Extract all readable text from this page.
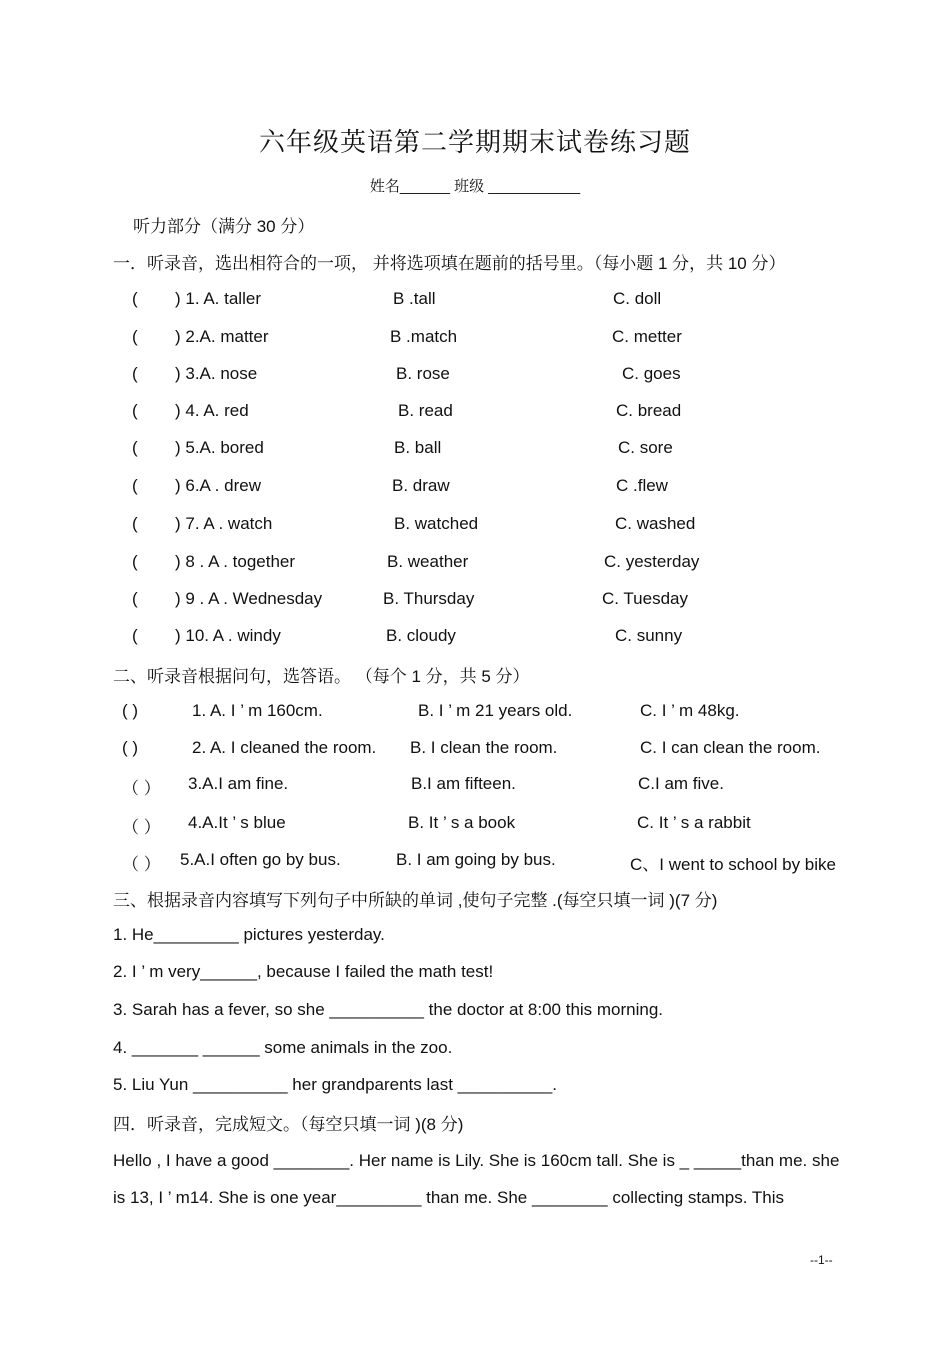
六年级英语第二学期期末试卷练习题
姓名______ 班级 ___________
听力部分（满分 30 分）
一．听录音，选出相符合的一项， 并将选项填在题前的括号里。（每小题 1 分，共 10 分）
( ) 1. A. taller	B .tall	C. doll
( ) 2.A. matter	B .match	C. metter
( ) 3.A. nose	B. rose	C. goes
( ) 4. A. red	B. read	C. bread
( ) 5.A. bored	B. ball	C. sore
( ) 6.A . drew	B. draw	C .flew
( ) 7. A . watch	B. watched	C. washed
( ) 8 . A . together	B. weather	C. yesterday
( ) 9 . A . Wednesday	B. Thursday	C. Tuesday
( ) 10. A . windy	B. cloudy	C. sunny
二、听录音根据问句，选答语。 （每个 1 分，共 5 分）
( )	1. A. I ’ m 160cm.	B. I ’ m 21 years old.	C. I ’ m 48kg.
( )	2. A. I cleaned the room. B. I clean the room.	C. I can clean the room.
（ ） 3.A.I am fine.	B.I am fifteen.	C.I am five.
（ ） 4.A.It ’ s blue	B. It ’ s a book	C. It ’ s a rabbit
（ ） 5.A.I often go by bus.	B. I am going by bus.	C、I went to school by bike
三、根据录音内容填写下列句子中所缺的单词 ,使句子完整 .(每空只填一词 )(7 分)
1. He_________ pictures yesterday.
2. I ’ m very______, because I failed the math test!
3. Sarah has a fever, so she __________ the doctor at 8:00 this morning.
4. _______ ______ some animals in the zoo.
5. Liu Yun __________ her grandparents last __________.
四．听录音，完成短文。（每空只填一词 )(8 分)
Hello , I have a good ________. Her name is Lily. She is 160cm tall. She is _ _____than me. she
is 13, I ’ m14. She is one year_________ than me. She ________ collecting stamps. This
--1--
